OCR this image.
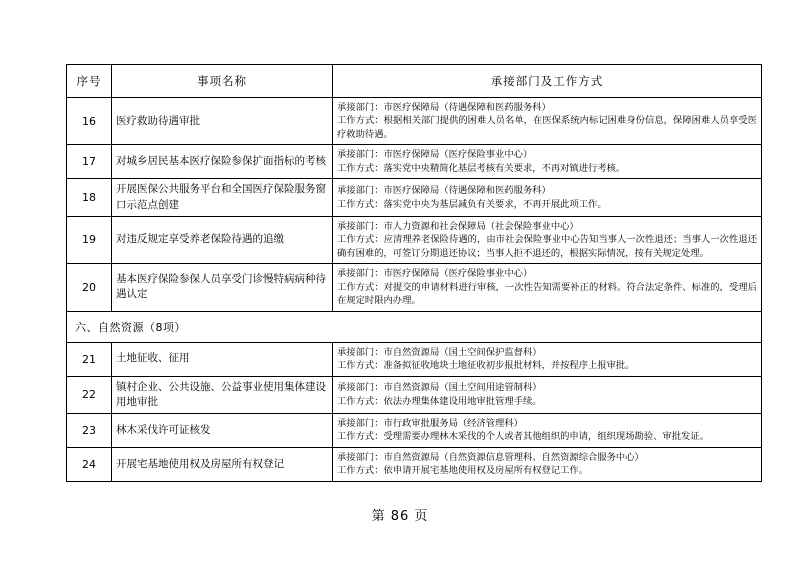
序号	事项名称	承接部门及工作方式
16	医疗救助待遇审批	承接部门：市医疗保障局（待遇保障和医药服务科）
工作方式：根据相关部门提供的困难人员名单，在医保系统内标记困难身份信息，保障困难人员享受医疗救助待遇。

17	对城乡居民基本医疗保险参保扩面指标的考核	承接部门：市医疗保障局（医疗保险事业中心）
工作方式：落实党中央精简化基层考核有关要求，不再对镇进行考核。

18	开展医保公共服务平台和全国医疗保险服务窗口示范点创建	承接部门：市医疗保障局（待遇保障和医药服务科）
工作方式：落实党中央为基层减负有关要求，不再开展此项工作。

19	对违反规定享受养老保险待遇的追缴	承接部门：市人力资源和社会保障局（社会保险事业中心）
工作方式：应清理养老保险待遇的，由市社会保险事业中心告知当事人一次性退还；当事人一次性退还确有困难的，可签订分期退还协议；当事人拒不退还的，根据实际情况，按有关规定处理。

20	基本医疗保险参保人员享受门诊慢特病病种待遇认定	承接部门：市医疗保障局（医疗保险事业中心）
工作方式：对提交的申请材料进行审核，一次性告知需要补正的材料。符合法定条件、标准的，受理后在规定时限内办理。

六、自然资源（8项）		
21	土地征收、征用	承接部门：市自然资源局（国土空间保护监督科）
工作方式：准备拟征收地块土地征收初步报批材料，并按程序上报审批。

22	镇村企业、公共设施、公益事业使用集体建设用地审批	承接部门：市自然资源局（国土空间用途管制科）
工作方式：依法办理集体建设用地审批管理手续。

23	林木采伐许可证核发	承接部门：市行政审批服务局（经济管理科）
工作方式：受理需要办理林木采伐的个人或者其他组织的申请，组织现场勘验、审批发证。

24	开展宅基地使用权及房屋所有权登记	承接部门：市自然资源局（自然资源信息管理科、自然资源综合服务中心）
工作方式：依申请开展宅基地使用权及房屋所有权登记工作。
第 86 页
